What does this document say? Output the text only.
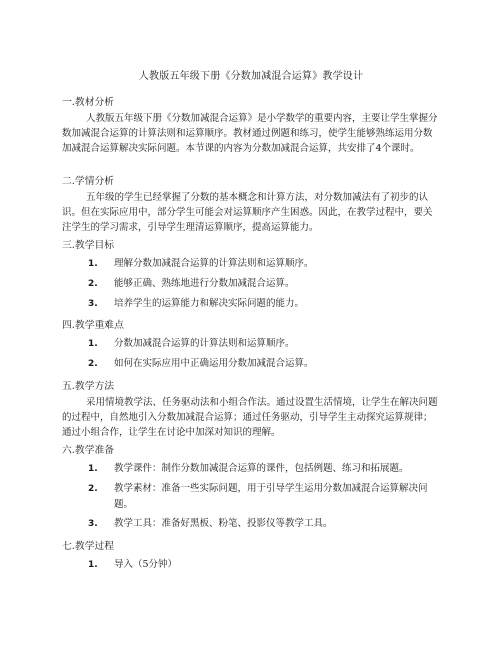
人教版五年级下册《分数加减混合运算》教学设计
一.教材分析
人教版五年级下册《分数加减混合运算》是小学数学的重要内容，主要让学生掌握分数加减混合运算的计算法则和运算顺序。教材通过例题和练习，使学生能够熟练运用分数加减混合运算解决实际问题。本节课的内容为分数加减混合运算，共安排了4个课时。
二.学情分析
五年级的学生已经掌握了分数的基本概念和计算方法，对分数加减法有了初步的认识。但在实际应用中，部分学生可能会对运算顺序产生困惑。因此，在教学过程中，要关注学生的学习需求，引导学生理清运算顺序，提高运算能力。
三.教学目标
1. 理解分数加减混合运算的计算法则和运算顺序。
2. 能够正确、熟练地进行分数加减混合运算。
3. 培养学生的运算能力和解决实际问题的能力。
四.教学重难点
1. 分数加减混合运算的计算法则和运算顺序。
2. 如何在实际应用中正确运用分数加减混合运算。
五.教学方法
采用情境教学法、任务驱动法和小组合作法。通过设置生活情境，让学生在解决问题的过程中，自然地引入分数加减混合运算；通过任务驱动，引导学生主动探究运算规律；通过小组合作，让学生在讨论中加深对知识的理解。
六.教学准备
1. 教学课件：制作分数加减混合运算的课件，包括例题、练习和拓展题。
2. 教学素材：准备一些实际问题，用于引导学生运用分数加减混合运算解决问题。
3. 教学工具：准备好黑板、粉笔、投影仪等教学工具。
七.教学过程
1. 导入（5分钟）
